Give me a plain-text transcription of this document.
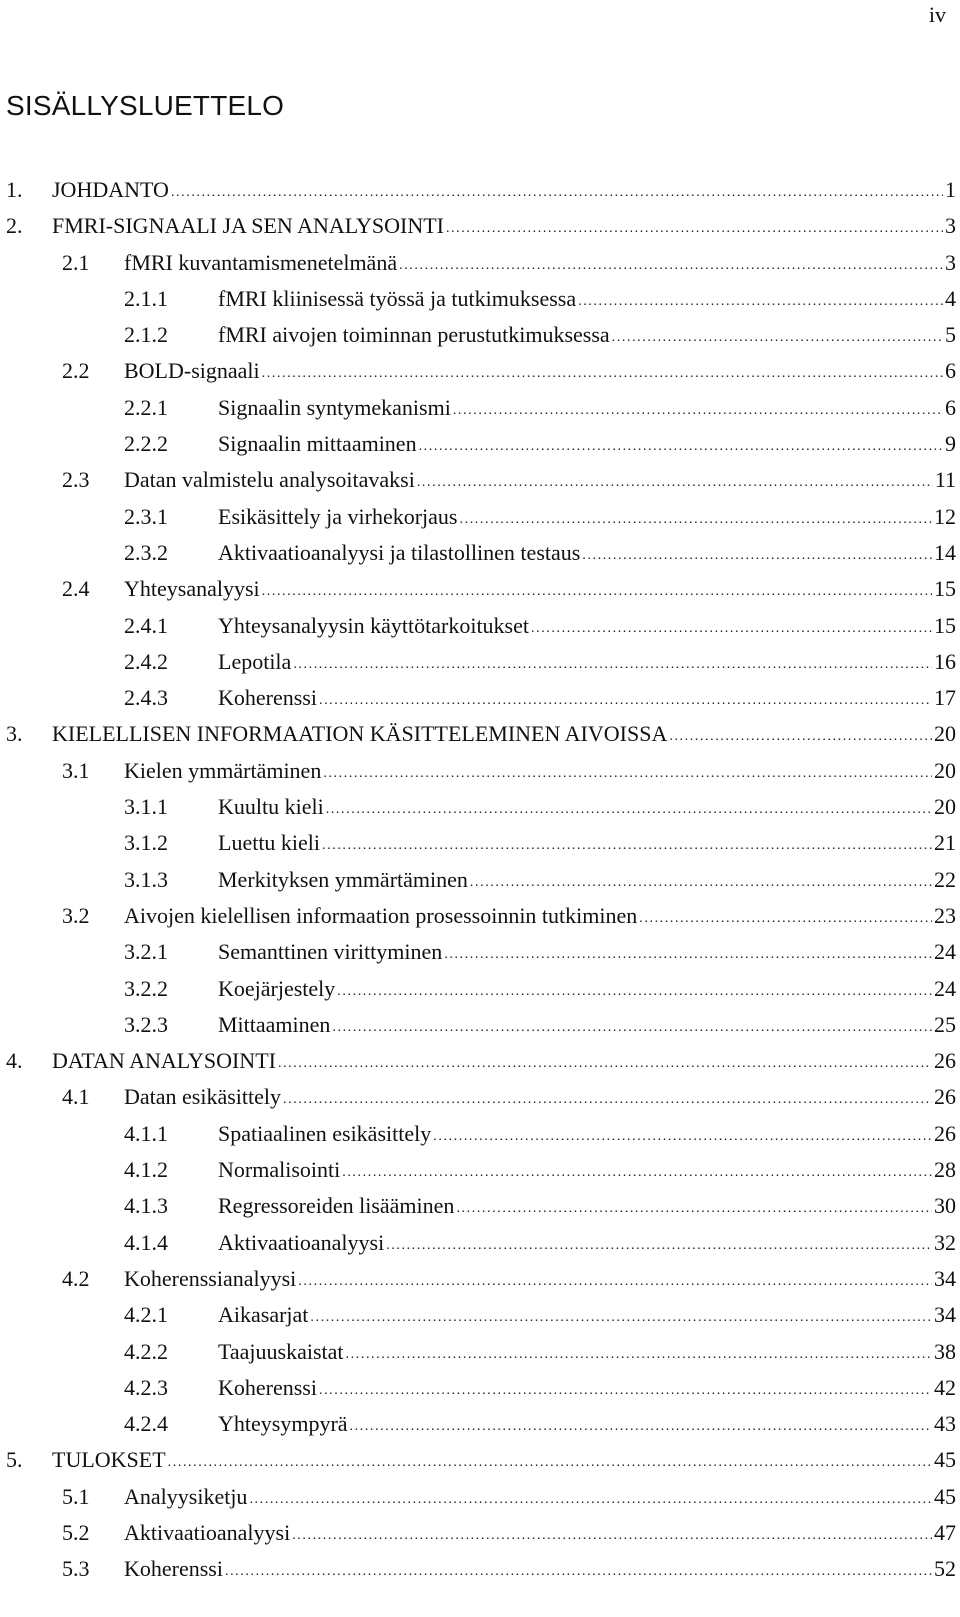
iv
SISÄLLYSLUETTELO
1.	JOHDANTO .....	1
2.	FMRI-SIGNAALI JA SEN ANALYSOINTI .....	3
2.1	fMRI kuvantamismenetelmänä .....	3
2.1.1	fMRI kliinisessä työssä ja tutkimuksessa .....	4
2.1.2	fMRI aivojen toiminnan perustutkimuksessa .....	5
2.2	BOLD-signaali .....	6
2.2.1	Signaalin syntymekanismi .....	6
2.2.2	Signaalin mittaaminen .....	9
2.3	Datan valmistelu analysoitavaksi .....	11
2.3.1	Esikäsittely ja virhekorjaus .....	12
2.3.2	Aktivaatioanalyysi ja tilastollinen testaus .....	14
2.4	Yhteysanalyysi .....	15
2.4.1	Yhteysanalyysin käyttötarkoitukset .....	15
2.4.2	Lepotila .....	16
2.4.3	Koherenssi .....	17
3.	KIELELLISEN INFORMAATION KÄSITTELEMINEN AIVOISSA .....	20
3.1	Kielen ymmärtäminen .....	20
3.1.1	Kuultu kieli .....	20
3.1.2	Luettu kieli .....	21
3.1.3	Merkityksen ymmärtäminen .....	22
3.2	Aivojen kielellisen informaation prosessoinnin tutkiminen .....	23
3.2.1	Semanttinen virittyminen .....	24
3.2.2	Koejärjestely .....	24
3.2.3	Mittaaminen .....	25
4.	DATAN ANALYSOINTI .....	26
4.1	Datan esikäsittely .....	26
4.1.1	Spatiaalinen esikäsittely .....	26
4.1.2	Normalisointi .....	28
4.1.3	Regressoreiden lisääminen .....	30
4.1.4	Aktivaatioanalyysi .....	32
4.2	Koherenssianalyysi .....	34
4.2.1	Aikasarjat .....	34
4.2.2	Taajuuskaistat .....	38
4.2.3	Koherenssi .....	42
4.2.4	Yhteysympyrä .....	43
5.	TULOKSET .....	45
5.1	Analyysiketju .....	45
5.2	Aktivaatioanalyysi .....	47
5.3	Koherenssi .....	52
